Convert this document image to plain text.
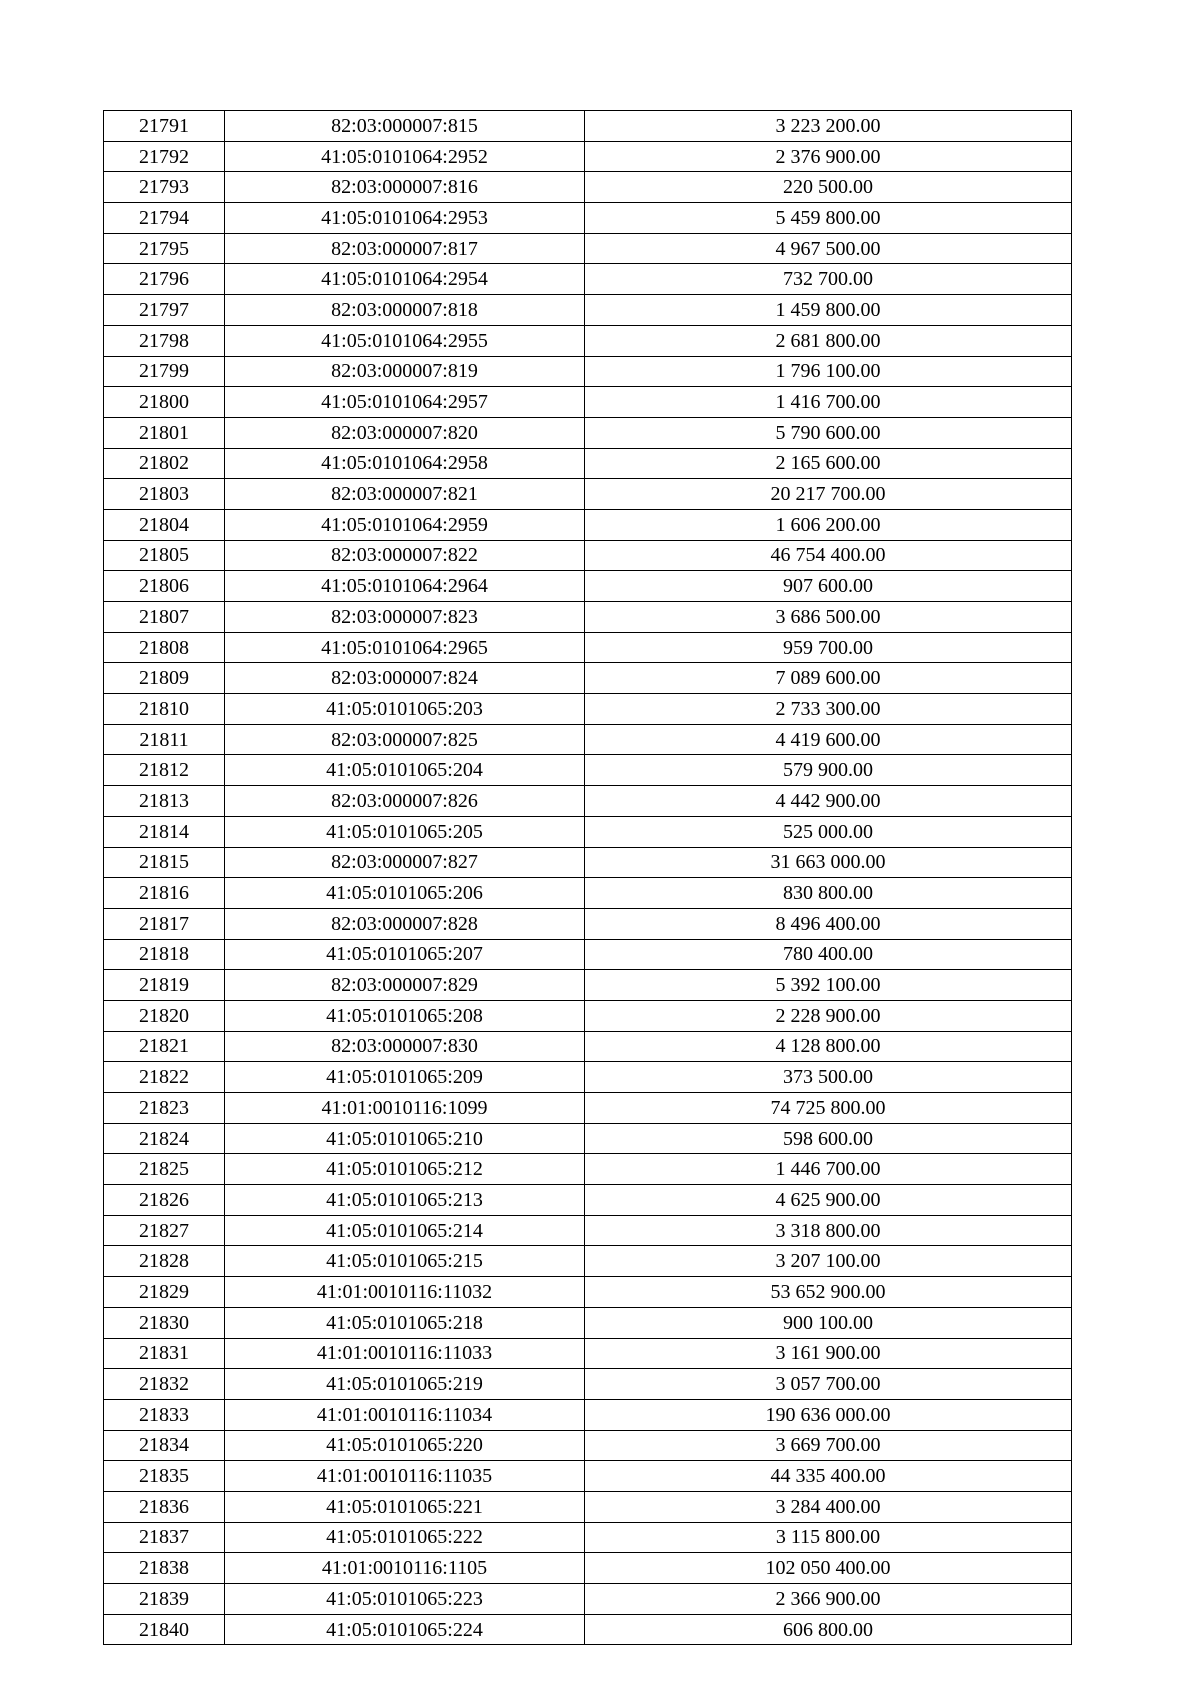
21791	82:03:000007:815	3 223 200.00
21792	41:05:0101064:2952	2 376 900.00
21793	82:03:000007:816	220 500.00
21794	41:05:0101064:2953	5 459 800.00
21795	82:03:000007:817	4 967 500.00
21796	41:05:0101064:2954	732 700.00
21797	82:03:000007:818	1 459 800.00
21798	41:05:0101064:2955	2 681 800.00
21799	82:03:000007:819	1 796 100.00
21800	41:05:0101064:2957	1 416 700.00
21801	82:03:000007:820	5 790 600.00
21802	41:05:0101064:2958	2 165 600.00
21803	82:03:000007:821	20 217 700.00
21804	41:05:0101064:2959	1 606 200.00
21805	82:03:000007:822	46 754 400.00
21806	41:05:0101064:2964	907 600.00
21807	82:03:000007:823	3 686 500.00
21808	41:05:0101064:2965	959 700.00
21809	82:03:000007:824	7 089 600.00
21810	41:05:0101065:203	2 733 300.00
21811	82:03:000007:825	4 419 600.00
21812	41:05:0101065:204	579 900.00
21813	82:03:000007:826	4 442 900.00
21814	41:05:0101065:205	525 000.00
21815	82:03:000007:827	31 663 000.00
21816	41:05:0101065:206	830 800.00
21817	82:03:000007:828	8 496 400.00
21818	41:05:0101065:207	780 400.00
21819	82:03:000007:829	5 392 100.00
21820	41:05:0101065:208	2 228 900.00
21821	82:03:000007:830	4 128 800.00
21822	41:05:0101065:209	373 500.00
21823	41:01:0010116:1099	74 725 800.00
21824	41:05:0101065:210	598 600.00
21825	41:05:0101065:212	1 446 700.00
21826	41:05:0101065:213	4 625 900.00
21827	41:05:0101065:214	3 318 800.00
21828	41:05:0101065:215	3 207 100.00
21829	41:01:0010116:11032	53 652 900.00
21830	41:05:0101065:218	900 100.00
21831	41:01:0010116:11033	3 161 900.00
21832	41:05:0101065:219	3 057 700.00
21833	41:01:0010116:11034	190 636 000.00
21834	41:05:0101065:220	3 669 700.00
21835	41:01:0010116:11035	44 335 400.00
21836	41:05:0101065:221	3 284 400.00
21837	41:05:0101065:222	3 115 800.00
21838	41:01:0010116:1105	102 050 400.00
21839	41:05:0101065:223	2 366 900.00
21840	41:05:0101065:224	606 800.00
